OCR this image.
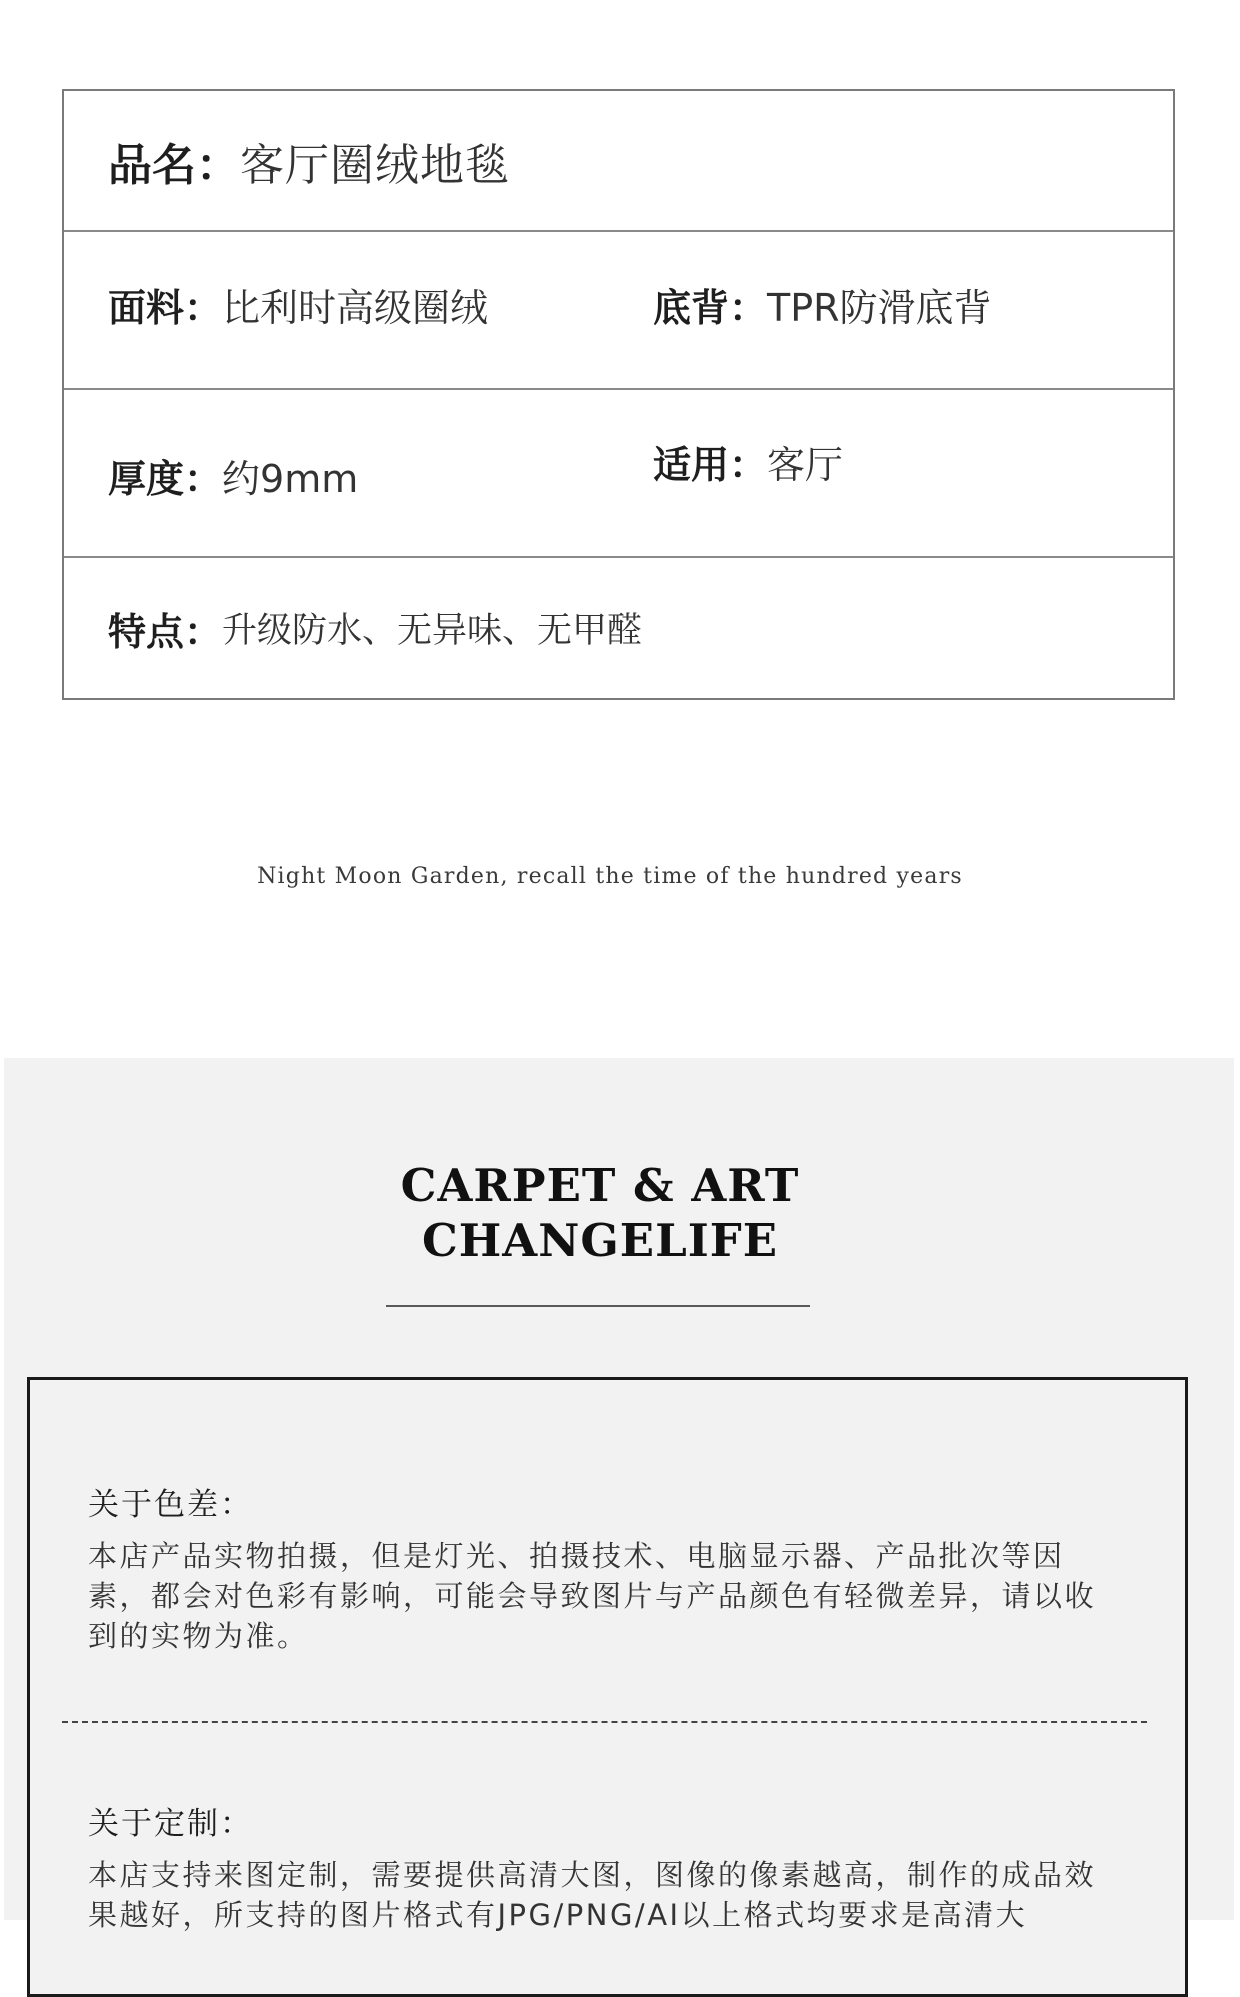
品名： 客厅圈绒地毯
面料： 比利时高级圈绒	底背： TPR防滑底背
厚度： 约9mm	适用： 客厅
特点： 升级防水、无异味、无甲醛
Night Moon Garden, recall the time of the hundred years
CARPET & ART
CHANGELIFE
关于色差：
本店产品实物拍摄，但是灯光、拍摄技术、电脑显示器、产品批次等因素，都会对色彩有影响，可能会导致图片与产品颜色有轻微差异，请以收到的实物为准。
关于定制：
本店支持来图定制，需要提供高清大图，图像的像素越高，制作的成品效果越好，所支持的图片格式有JPG/PNG/AI以上格式均要求是高清大
